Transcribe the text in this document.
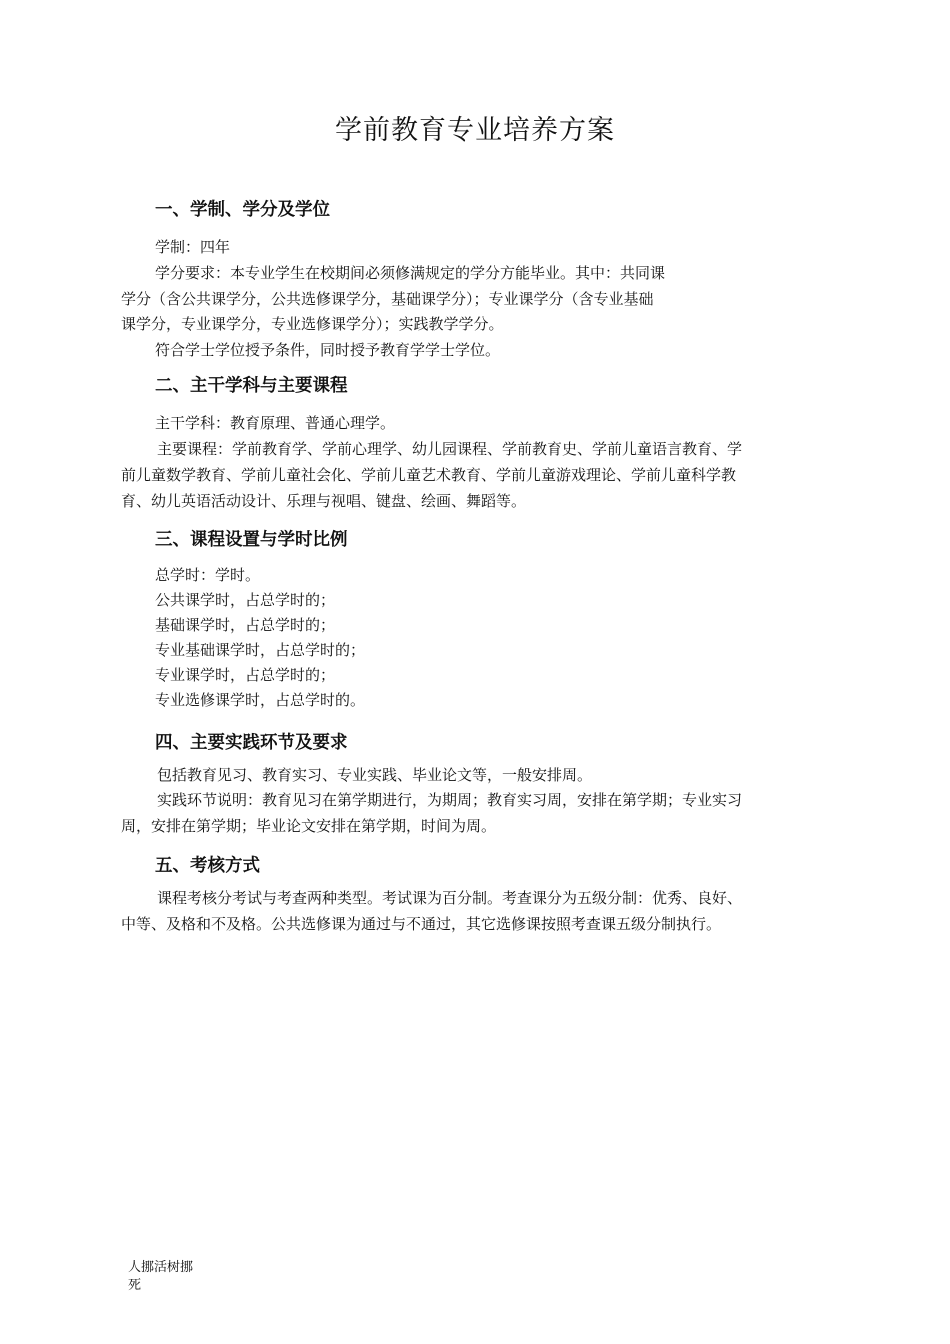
学前教育专业培养方案
一、学制、学分及学位

学制：四年

学分要求：本专业学生在校期间必须修满规定的学分方能毕业。其中：共同课

学分（含公共课学分，公共选修课学分，基础课学分）；专业课学分（含专业基础

课学分，专业课学分，专业选修课学分）；实践教学学分。

符合学士学位授予条件，同时授予教育学学士学位。

二、主干学科与主要课程

主干学科：教育原理、普通心理学。

主要课程：学前教育学、学前心理学、幼儿园课程、学前教育史、学前儿童语言教育、学

前儿童数学教育、学前儿童社会化、学前儿童艺术教育、学前儿童游戏理论、学前儿童科学教

育、幼儿英语活动设计、乐理与视唱、键盘、绘画、舞蹈等。

三、课程设置与学时比例

总学时：学时。

公共课学时，占总学时的；

基础课学时，占总学时的；

专业基础课学时，占总学时的；

专业课学时，占总学时的；

专业选修课学时，占总学时的。

四、主要实践环节及要求

包括教育见习、教育实习、专业实践、毕业论文等，一般安排周。

实践环节说明：教育见习在第学期进行，为期周；教育实习周，安排在第学期；专业实习

周，安排在第学期；毕业论文安排在第学期，时间为周。

五、考核方式

课程考核分考试与考查两种类型。考试课为百分制。考查课分为五级分制：优秀、良好、

中等、及格和不及格。公共选修课为通过与不通过，其它选修课按照考查课五级分制执行。

人挪活树挪

死
